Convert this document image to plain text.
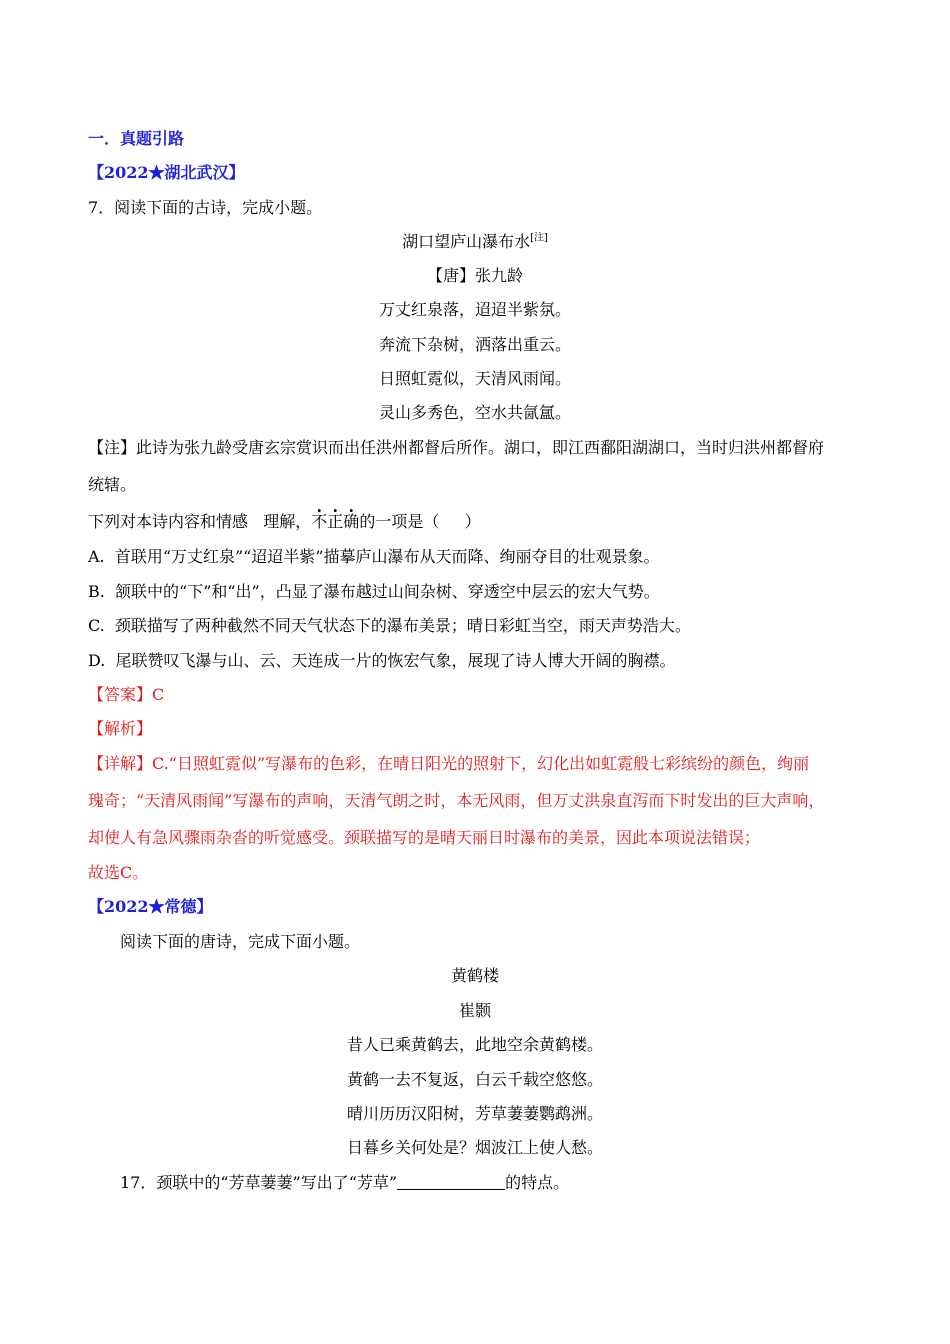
一．真题引路
【2022★湖北武汉】
7．阅读下面的古诗，完成小题。
湖口望庐山瀑布水[注]
【唐】张九龄
万丈红泉落，迢迢半紫氛。
奔流下杂树，洒落出重云。
日照虹霓似，天清风雨闻。
灵山多秀色，空水共氤氲。
【注】此诗为张九龄受唐玄宗赏识而出任洪州都督后所作。湖口，即江西鄱阳湖湖口，当时归洪州都督府
统辖。
下列对本诗内容和情感   理解，不正确的一项是（     ）
A.  首联用“万丈红泉”“迢迢半紫”描摹庐山瀑布从天而降、绚丽夺目的壮观景象。
B.  颔联中的“下”和“出”，凸显了瀑布越过山间杂树、穿透空中层云的宏大气势。
C.  颈联描写了两种截然不同天气状态下的瀑布美景；晴日彩虹当空，雨天声势浩大。
D.  尾联赞叹飞瀑与山、云、天连成一片的恢宏气象，展现了诗人博大开阔的胸襟。
【答案】C
【解析】
【详解】C.“日照虹霓似”写瀑布的色彩，在晴日阳光的照射下，幻化出如虹霓般七彩缤纷的颜色，绚丽
瑰奇；“天清风雨闻”写瀑布的声响，天清气朗之时，本无风雨，但万丈洪泉直泻而下时发出的巨大声响，
却使人有急风骤雨杂沓的听觉感受。颈联描写的是晴天丽日时瀑布的美景，因此本项说法错误；
故选C。
【2022★常德】
阅读下面的唐诗，完成下面小题。
黄鹤楼
崔颢
昔人已乘黄鹤去，此地空余黄鹤楼。
黄鹤一去不复返，白云千载空悠悠。
晴川历历汉阳树，芳草萋萋鹦鹉洲。
日暮乡关何处是？烟波江上使人愁。
17．颈联中的“芳草萋萋”写出了“芳草”	的特点。
